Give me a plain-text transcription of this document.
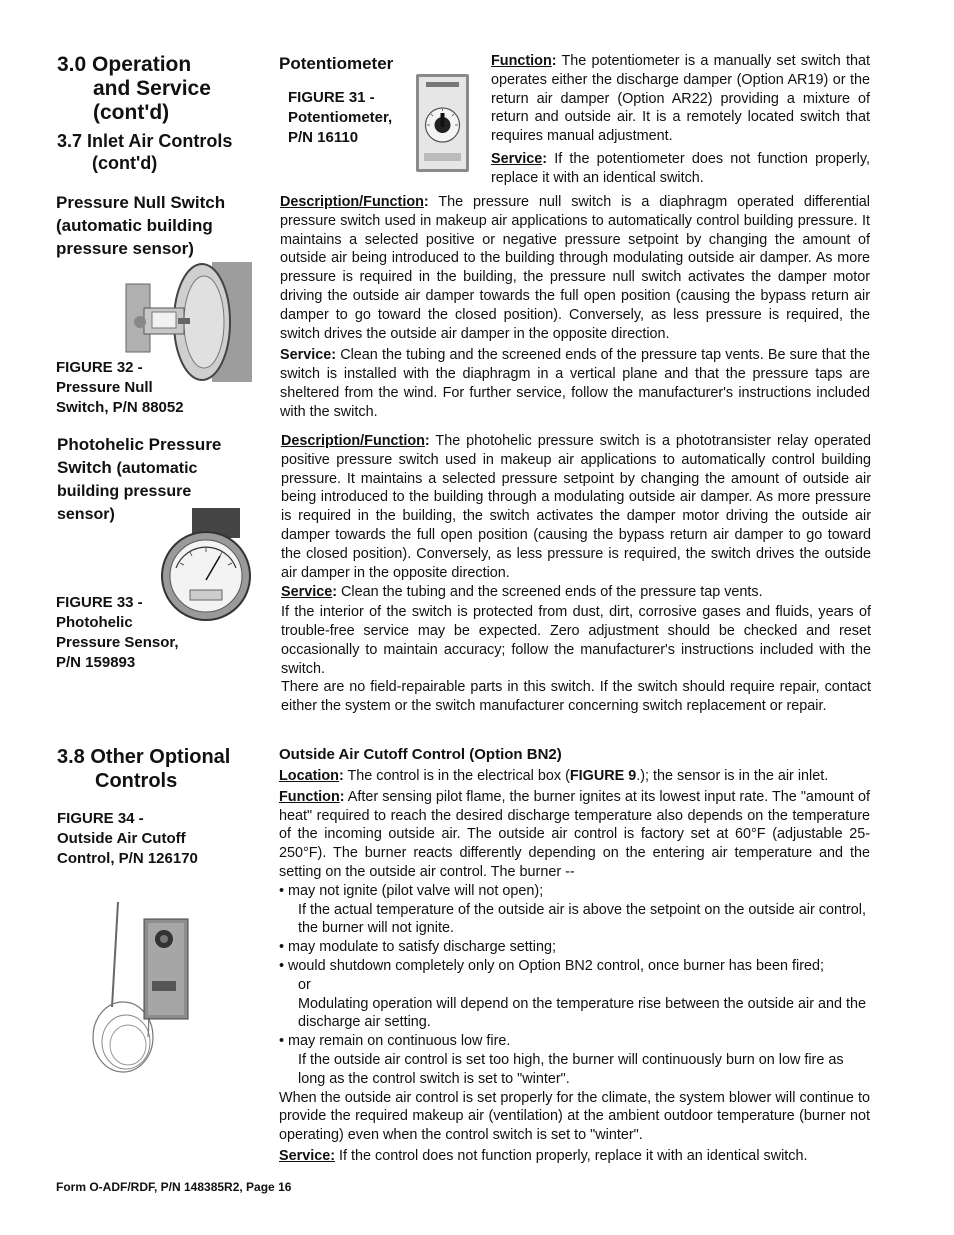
3.0 Operation
and Service
(cont'd)
3.7 Inlet Air Controls
(cont'd)
Potentiometer
FIGURE 31 -
Potentiometer,
P/N 16110

Function: The potentiometer is a manually set switch that operates either the discharge damper (Option AR19) or the return air damper (Option AR22) providing a mixture of return and outside air. It is a remotely located switch that requires manual adjustment.

Service: If the potentiometer does not function properly, replace it with an identical switch.

Pressure Null Switch
(automatic building
pressure sensor)
FIGURE 32 -
Pressure Null
Switch, P/N 88052

Description/Function: The pressure null switch is a diaphragm operated differential pressure switch used in makeup air applications to automatically control building pressure. It maintains a selected positive or negative pressure setpoint by changing the amount of outside air being introduced to the building through modulating outside air damper. As more pressure is required in the building, the pressure null switch activates the damper motor driving the outside air damper towards the full open position (causing the bypass return air damper to go toward the closed position). Conversely, as less pressure is required, the switch drives the outside air damper in the opposite direction.

Service: Clean the tubing and the screened ends of the pressure tap vents. Be sure that the switch is installed with the diaphragm in a vertical plane and that the pressure taps are sheltered from the wind. For further service, follow the manufacturer's instructions included with the switch.

Photohelic Pressure
Switch (automatic
building pressure
sensor)
FIGURE 33 -
Photohelic
Pressure Sensor,
P/N 159893

Description/Function: The photohelic pressure switch is a phototransister relay operated positive pressure switch used in makeup air applications to automatically control building pressure. It maintains a selected pressure setpoint by changing the amount of outside air being introduced to the building through a modulating outside air damper. As more pressure is required in the building, the switch activates the damper motor driving the outside air damper towards the full open position (causing the bypass return air damper to go toward the closed position). Conversely, as less pressure is required, the switch drives the outside air damper in the opposite direction.

Service: Clean the tubing and the screened ends of the pressure tap vents.

If the interior of the switch is protected from dust, dirt, corrosive gases and fluids, years of trouble-free service may be expected. Zero adjustment should be checked and reset occasionally to maintain accuracy; follow the manufacturer's instructions included with the switch.

There are no field-repairable parts in this switch. If the switch should require repair, contact either the system or the switch manufacturer concerning switch replacement or repair.

3.8 Other Optional
Controls
FIGURE 34 -
Outside Air Cutoff
Control, P/N 126170
Outside Air Cutoff Control (Option BN2)

Location: The control is in the electrical box (FIGURE 9.); the sensor is in the air inlet.

Function: After sensing pilot flame, the burner ignites at its lowest input rate. The "amount of heat" required to reach the desired discharge temperature also depends on the temperature of the incoming outside air. The outside air control is factory set at 60°F (adjustable 25-250°F). The burner reacts differently depending on the entering air temperature and the setting on the outside air control. The burner --

• may not ignite (pilot valve will not open);

If the actual temperature of the outside air is above the setpoint on the outside air control, the burner will not ignite.

• may modulate to satisfy discharge setting;

• would shutdown completely only on Option BN2 control, once burner has been fired;

or

Modulating operation will depend on the temperature rise between the outside air and the discharge air setting.

• may remain on continuous low fire.

If the outside air control is set too high, the burner will continuously burn on low fire as long as the control switch is set to "winter".

When the outside air control is set properly for the climate, the system blower will continue to provide the required makeup air (ventilation) at the ambient outdoor temperature (burner not operating) even when the control switch is set to "winter".

Service: If the control does not function properly, replace it with an identical switch.

Form O-ADF/RDF, P/N 148385R2, Page 16
